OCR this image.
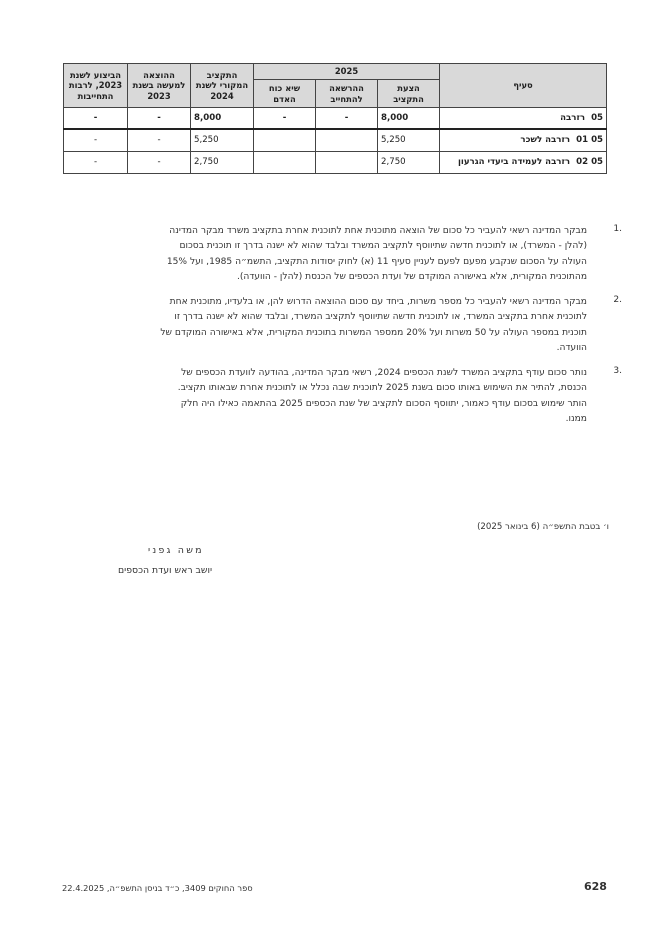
סעיף	2025			התקציב המקורי לשנת 2024	ההוצאה למעשה בשנת 2023	הביצוע לשנת 2023, לרבות התחייבות
	הצעת התקציב	ההרשאה להתחייב	שיא כוח האדם			
05רזרבה	8,000	-	-	8,000	-	-
05 01רזרבה לשכר	5,250			5,250	-	-
05 02רזרבה לעמידה ביעדי הגרעון	2,750			2,750	-	-
1.
מבקר המדינה רשאי להעביר כל סכום של הוצאה מתוכנית אחת לתוכנית אחרת בתקציב משרד מבקר המדינה
(להלן - המשרד), או לתוכנית חדשה שתיווסף לתקציב המשרד ובלבד שהוא לא ישנה בדרך זו תוכנית בסכום
העולה על הסכום שנקבע מפעם לפעם לעניין סעיף 11 (א) לחוק יסודות התקציב, התשמ״ה 1985, ועל 15%
מהתוכנית המקורית, אלא באישורה המוקדם של ועדת הכספים של הכנסת (להלן - הוועדה).
2.
מבקר המדינה רשאי להעביר כל מספר משרות, ביחד עם סכום ההוצאה הדרוש להן, או בלעדיו, מתוכנית אחת
לתוכנית אחרת בתקציב המשרד, או לתוכנית חדשה שתיווסף לתקציב המשרד, ובלבד שהוא לא ישנה בדרך זו
תוכנית במספר העולה על 50 משרות ועל 20% ממספר המשרות בתוכנית המקורית, אלא באישורה המוקדם של
הוועדה.
3.
נותר סכום עודף בתקציב המשרד לשנת הכספים 2024, רשאי מבקר המדינה, בהודעה לוועדת הכספים של
הכנסת, להתיר את השימוש באותו סכום בשנת 2025 לתוכנית שבה נכלל או לתוכנית אחרת שבאותו תקציב.
הותר שימוש בסכום עודף כאמור, יתווסף הסכום לתקציב של שנת הכספים 2025 בהתאמה כאילו היה חלק
ממנו.
ו׳ בטבת התשפ״ה (6 בינואר 2025)
משה גפני
יושב ראש ועדת הכספים
ספר החוקים 3409, כ״ד בניסן התשפ״ה, 22.4.2025	628
